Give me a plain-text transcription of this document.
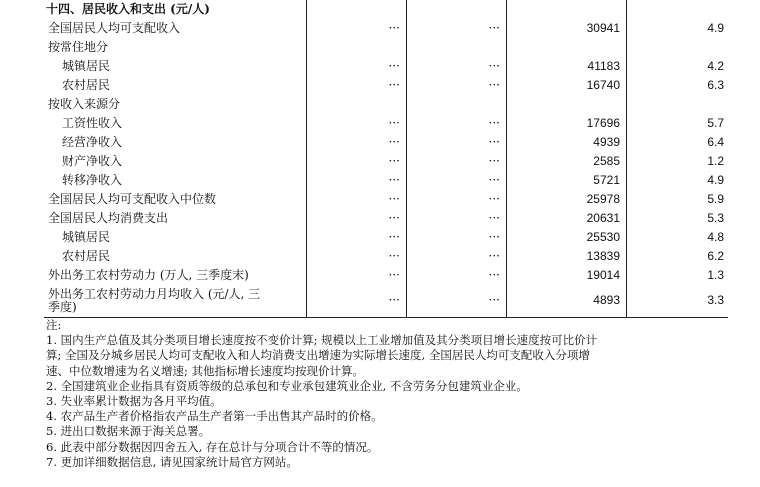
十四、居民收入和支出 (元/人)
全国居民人均可支配收入	···	···	30941	4.9
按常住地分
城镇居民	···	···	41183	4.2
农村居民	···	···	16740	6.3
按收入来源分
工资性收入	···	···	17696	5.7
经营净收入	···	···	4939	6.4
财产净收入	···	···	2585	1.2
转移净收入	···	···	5721	4.9
全国居民人均可支配收入中位数	···	···	25978	5.9
全国居民人均消费支出	···	···	20631	5.3
城镇居民	···	···	25530	4.8
农村居民	···	···	13839	6.2
外出务工农村劳动力 (万人, 三季度末)	···	···	19014	1.3
外出务工农村劳动力月均收入 (元/人, 三
季度)	···	···	4893	3.3
注:
1. 国内生产总值及其分类项目增长速度按不变价计算; 规模以上工业增加值及其分类项目增长速度按可比价计
算; 全国及分城乡居民人均可支配收入和人均消费支出增速为实际增长速度, 全国居民人均可支配收入分项增
速、中位数增速为名义增速; 其他指标增长速度均按现价计算。
2. 全国建筑业企业指具有资质等级的总承包和专业承包建筑业企业, 不含劳务分包建筑业企业。
3. 失业率累计数据为各月平均值。
4. 农产品生产者价格指农产品生产者第一手出售其产品时的价格。
5. 进出口数据来源于海关总署。
6. 此表中部分数据因四舍五入, 存在总计与分项合计不等的情况。
7. 更加详细数据信息, 请见国家统计局官方网站。
